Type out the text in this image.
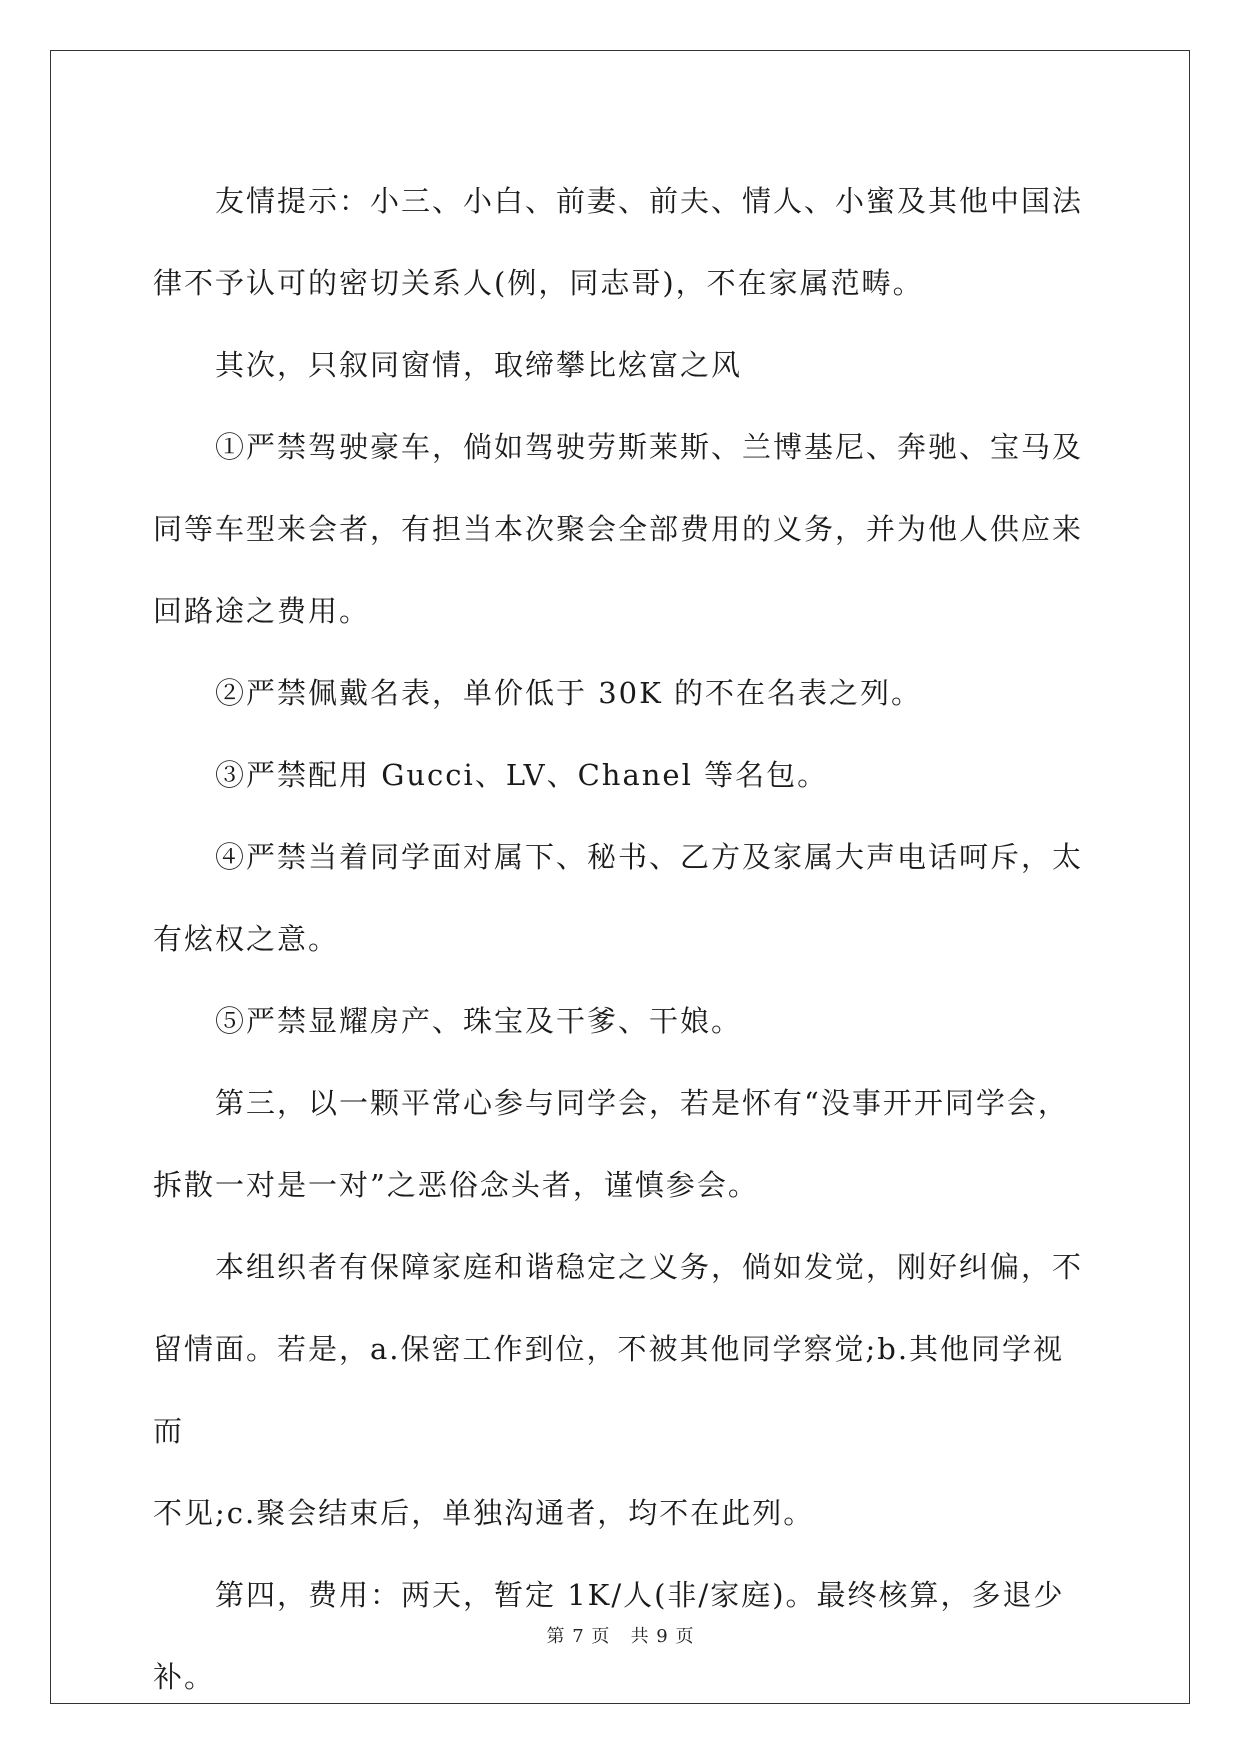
友情提示：小三、小白、前妻、前夫、情人、小蜜及其他中国法
律不予认可的密切关系人(例，同志哥)，不在家属范畴。

其次，只叙同窗情，取缔攀比炫富之风

①严禁驾驶豪车，倘如驾驶劳斯莱斯、兰博基尼、奔驰、宝马及
同等车型来会者，有担当本次聚会全部费用的义务，并为他人供应来
回路途之费用。

②严禁佩戴名表，单价低于 30K 的不在名表之列。

③严禁配用 Gucci、LV、Chanel 等名包。

④严禁当着同学面对属下、秘书、乙方及家属大声电话呵斥，太
有炫权之意。

⑤严禁显耀房产、珠宝及干爹、干娘。

第三，以一颗平常心参与同学会，若是怀有“没事开开同学会，
拆散一对是一对”之恶俗念头者，谨慎参会。

本组织者有保障家庭和谐稳定之义务，倘如发觉，刚好纠偏，不
留情面。若是，a.保密工作到位，不被其他同学察觉;b.其他同学视而
不见;c.聚会结束后，单独沟通者，均不在此列。

第四，费用：两天，暂定 1K/人(非/家庭)。最终核算，多退少补。

第 7 页 共 9 页
